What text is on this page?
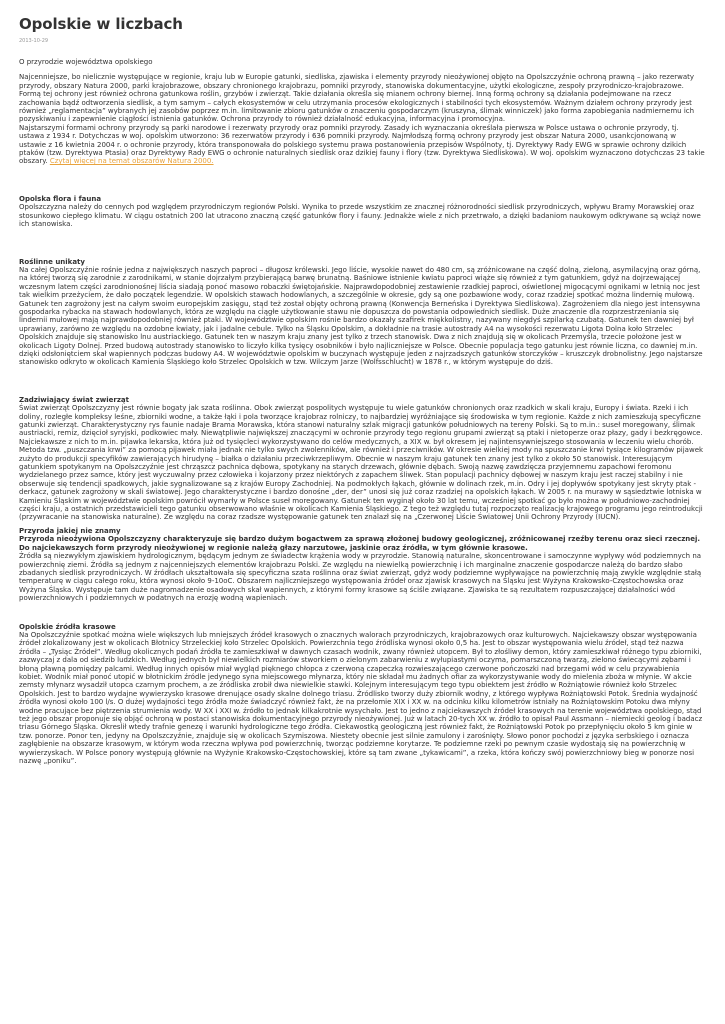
Opolskie w liczbach
2013-10-29

O przyrodzie województwa opolskiego

Najcenniejsze, bo nielicznie występujące w regionie, kraju lub w Europie gatunki, siedliska, zjawiska i elementy przyrody nieożywionej objęto na Opolszczyźnie ochroną prawną – jako rezerwaty przyrody, obszary Natura 2000, parki krajobrazowe, obszary chronionego krajobrazu, pomniki przyrody, stanowiska dokumentacyjne, użytki ekologiczne, zespoły przyrodniczo-krajobrazowe. Formą tej ochrony jest również ochrona gatunkowa roślin, grzybów i zwierząt. Takie działania określa się mianem ochrony biernej. Inną formą ochrony są działania podejmowane na rzecz zachowania bądź odtworzenia siedlisk, a tym samym – całych ekosystemów w celu utrzymania procesów ekologicznych i stabilności tych ekosystemów. Ważnym działem ochrony przyrody jest również „reglamentacja” wybranych jej zasobów poprzez m.in. limitowanie zbioru gatunków o znaczeniu gospodarczym (kruszyna, ślimak winniczek) jako forma zapobiegania nadmiernemu ich pozyskiwaniu i zapewnienie ciągłości istnienia gatunków. Ochrona przyrody to również działalność edukacyjna, informacyjna i promocyjna.
Najstarszymi formami ochrony przyrody są parki narodowe i rezerwaty przyrody oraz pomniki przyrody. Zasady ich wyznaczania określała pierwsza w Polsce ustawa o ochronie przyrody, tj. ustawa z 1934 r. Dotychczas w woj. opolskim utworzono: 36 rezerwatów przyrody i 636 pomniki przyrody. Najmłodszą formą ochrony przyrody jest obszar Natura 2000, usankcjonowaną w ustawie z 16 kwietnia 2004 r. o ochronie przyrody, która transponowała do polskiego systemu prawa postanowienia przepisów Wspólnoty, tj. Dyrektywy Rady EWG w sprawie ochrony dzikich ptaków (tzw. Dyrektywa Ptasia) oraz Dyrektywy Rady EWG o ochronie naturalnych siedlisk oraz dzikiej fauny i flory (tzw. Dyrektywa Siedliskowa). W woj. opolskim wyznaczono dotychczas 23 takie obszary. Czytaj więcej na temat obszarów Natura 2000.

Opolska flora i fauna

Opolszczyzna należy do cennych pod względem przyrodniczym regionów Polski. Wynika to przede wszystkim ze znacznej różnorodności siedlisk przyrodniczych, wpływu Bramy Morawskiej oraz stosunkowo ciepłego klimatu. W ciągu ostatnich 200 lat utracono znaczną część gatunków flory i fauny. Jednakże wiele z nich przetrwało, a dzięki badaniom naukowym odkrywane są wciąż nowe ich stanowiska.

Roślinne unikaty

Na całej Opolszczyźnie rośnie jedna z największych naszych paproci – długosz królewski. Jego liście, wysokie nawet do 480 cm, są zróżnicowane na część dolną, zieloną, asymilacyjną oraz górną, na której tworzą się zarodnie z zarodnikami, w stanie dojrzałym przybierającą barwę brunatną. Baśniowe istnienie kwiatu paproci wiąże się również z tym gatunkiem, gdyż na dojrzewającej wczesnym latem części zarodnionośnej liścia siadają ponoć masowo robaczki świętojańskie. Najprawdopodobniej zestawienie rzadkiej paproci, oświetlonej migocącymi ognikami w letnią noc jest tak wielkim przeżyciem, że dało początek legendzie. W opolskich stawach hodowlanych, a szczególnie w okresie, gdy są one pozbawione wody, coraz rzadziej spotkać można lindernię mułową. Gatunek ten zagrożony jest na całym swoim europejskim zasięgu, stąd też został objęty ochroną prawną (Konwencja Berneńska i Dyrektywa Siedliskowa). Zagrożeniem dla niego jest intensywna gospodarka rybacka na stawach hodowlanych, która ze względu na ciągłe użytkowanie stawu nie dopuszcza do powstania odpowiednich siedlisk. Duże znaczenie dla rozprzestrzeniania się lindernii mułowej mają najprawdopodobniej również ptaki. W województwie opolskim rośnie bardzo okazały szafirek miękkolistny, nazywany niegdyś szpilarką czubatą. Gatunek ten dawniej był uprawiany, zarówno ze względu na ozdobne kwiaty, jak i jadalne cebule. Tylko na Śląsku Opolskim, a dokładnie na trasie autostrady A4 na wysokości rezerwatu Ligota Dolna koło Strzelec Opolskich znajduje się stanowisko lnu austriackiego. Gatunek ten w naszym kraju znany jest tylko z trzech stanowisk. Dwa z nich znajdują się w okolicach Przemyśla, trzecie położone jest w okolicach Ligoty Dolnej. Przed budową autostrady stanowisko to liczyło kilka tysięcy osobników i było najliczniejsze w Polsce. Obecnie populacja tego gatunku jest równie liczna, co dawniej m.in. dzięki odsłoniętciem skał wapiennych podczas budowy A4. W województwie opolskim w buczynach występuje jeden z najrzadszych gatunków storczyków – kruszczyk drobnolistny. Jego najstarsze stanowisko odkryto w okolicach Kamienia Śląskiego koło Strzelec Opolskich w tzw. Wilczym Jarze (Wolfsschlucht) w 1878 r., w którym występuje do dziś.

Zadziwiający świat zwierząt

Świat zwierząt Opolszczyzny jest równie bogaty jak szata roślinna. Obok zwierząt pospolitych występuje tu wiele gatunków chronionych oraz rzadkich w skali kraju, Europy i świata. Rzeki i ich doliny, rozległe kompleksy leśne, zbiorniki wodne, a także łąki i pola tworzące krajobraz rolniczy, to najbardziej wyróżniające się środowiska w tym regionie. Każde z nich zamieszkują specyficzne gatunki zwierząt. Charakterystyczny rys faunie nadaje Brama Morawska, która stanowi naturalny szlak migracji gatunków południowych na tereny Polski. Są to m.in.: suseł moregowany, ślimak austriacki, remiz, dzięcioł syryjski, podkowiec mały. Niewątpliwie największej znaczącymi w ochronie przyrody tego regionu grupami zwierząt są ptaki i nietoperze oraz płazy, gady i bezkręgowce. Najciekawsze z nich to m.in. pijawka lekarska, która już od tysięcleci wykorzystywano do celów medycznych, a XIX w. był okresem jej najintensywniejszego stosowania w leczeniu wielu chorób. Metoda tzw. „puszczania krwi” za pomocą pijawek miała jednak nie tylko swych zwolenników, ale również i przeciwników. W okresie wielkiej mody na spuszczanie krwi tysiące kilogramów pijawek zużyto do produkcji specyfików zawierających hirudynę – białka o działaniu przeciwkrzepliwym. Obecnie w naszym kraju gatunek ten znany jest tylko z około 50 stanowisk. Interesującym gatunkiem spotykanym na Opolszczyźnie jest chrząszcz pachnica dębowa, spotykany na starych drzewach, głównie dębach. Swoją nazwę zawdzięcza przyjemnemu zapachowi feromonu wydzielanego przez samce, który jest wyczuwalny przez człowieka i kojarzony przez niektórych z zapachem śliwek. Stan populacji pachnicy dębowej w naszym kraju jest raczej stabilny i nie obserwuje się tendencji spadkowych, jakie sygnalizowane są z krajów Europy Zachodniej. Na podmokłych łąkach, głównie w dolinach rzek, m.in. Odry i jej dopływów spotykany jest skryty ptak - derkacz, gatunek zagrożony w skali światowej. Jego charakterystyczne i bardzo donośne „der, der” unosi się już coraz rzadziej na opolskich łąkach. W 2005 r. na murawy w sąsiedztwie lotniska w Kamieniu Śląskim w województwie opolskim powrócił wymarły w Polsce suseł moregowany. Gatunek ten wyginął około 30 lat temu, wcześniej spotkać go było można w południowo-zachodniej części kraju, a ostatnich przedstawicieli tego gatunku obserwowano właśnie w okolicach Kamienia Śląskiego. Z tego też względu tutaj rozpoczęto realizację krajowego programu jego reintrodukcji (przywracanie na stanowiska naturalne). Ze względu na coraz rzadsze występowanie gatunek ten znalazł się na „Czerwonej Liście Światowej Unii Ochrony Przyrody (IUCN).

Przyroda jakiej nie znamy

Przyroda nieożywiona Opolszczyzny charakteryzuje się bardzo dużym bogactwem za sprawą złożonej budowy geologicznej, zróżnicowanej rzeźby terenu oraz sieci rzecznej. Do najciekawszych form przyrody nieożywionej w regionie należą głazy narzutowe, jaskinie oraz źródła, w tym głównie krasowe.

Źródła są niezwykłym zjawiskiem hydrologicznym, będącym jednym ze świadectw krążenia wody w przyrodzie. Stanowią naturalne, skoncentrowane i samoczynne wypływy wód podziemnych na powierzchnię ziemi. Źródła są jednym z najcenniejszych elementów krajobrazu Polski. Ze względu na niewielką powierzchnię i ich marginalne znaczenie gospodarcze należą do bardzo słabo zbadanych siedlisk przyrodniczych. W źródłach ukształtowała się specyficzna szata roślinna oraz świat zwierząt, gdyż wody podziemne wypływające na powierzchnię mają zwykle względnie stałą temperaturę w ciągu całego roku, która wynosi około 9-10oC. Obszarem najliczniejszego występowania źródeł oraz zjawisk krasowych na Śląsku jest Wyżyna Krakowsko-Częstochowska oraz Wyżyna Śląska. Występuje tam duże nagromadzenie osadowych skał wapiennych, z którymi formy krasowe są ściśle związane. Zjawiska te są rezultatem rozpuszczającej działalności wód powierzchniowych i podziemnych w podatnych na erozję wodną wapieniach.

Opolskie źródła krasowe

Na Opolszczyźnie spotkać można wiele większych lub mniejszych źródeł krasowych o znacznych walorach przyrodniczych, krajobrazowych oraz kulturowych. Najciekawszy obszar występowania źródeł zlokalizowany jest w okolicach Błotnicy Strzeleckiej koło Strzelec Opolskich. Powierzchnia tego źródliska wynosi około 0,5 ha. Jest to obszar występowania wielu źródeł, stąd też nazwa źródła – „Tysiąc Źródeł”. Według okolicznych podań źródła te zamieszkiwał w dawnych czasach wodnik, zwany również utopcem. Był to złośliwy demon, który zamieszkiwał różnego typu zbiorniki, zazwyczaj z dala od siedzib ludzkich. Według jednych był niewielkich rozmiarów stworkiem o zielonym zabarwieniu z wyłupiastymi oczyma, pomarszczoną twarzą, zielono świecącymi zębami i błoną pławną pomiędzy palcami. Według innych opisów miał wygląd pięknego chłopca z czerwoną czapeczką rozwieszającego czerwone pończoszki nad brzegami wód w celu przywabienia kobiet. Wodnik miał ponoć utopić w błotnickim źródle jedynego syna miejscowego młynarza, który nie składał mu żadnych ofiar za wykorzystywanie wody do mielenia zboża w młynie. W akcie zemsty młynarz wysadził utopca czarnym prochem, a ze źródliska zrobił dwa niewielkie stawki. Kolejnym interesującym tego typu obiektem jest źródło w Rożniątowie również koło Strzelec Opolskich. Jest to bardzo wydajne wywierzysko krasowe drenujące osady skalne dolnego triasu. Źródlisko tworzy duży zbiornik wodny, z którego wypływa Rożniątowski Potok. Średnia wydajność źródła wynosi około 100 l/s. O dużej wydajności tego źródła może świadczyć również fakt, że na przełomie XIX i XX w. na odcinku kilku kilometrów istniały na Rożniątowskim Potoku dwa młyny wodne pracujące bez piętrzenia strumienia wody. W XX i XXI w. źródło to jednak kilkakrotnie wysychało. Jest to jedno z najciekawszych źródeł krasowych na terenie województwa opolskiego, stąd też jego obszar proponuje się objąć ochroną w postaci stanowiska dokumentacyjnego przyrody nieożywionej. Już w latach 20-tych XX w. źródło to opisał Paul Assmann – niemiecki geolog i badacz triasu Górnego Śląska. Okreslił wtedy trafnie genezę i warunki hydrologiczne tego źródła. Ciekawostką geologiczną jest również fakt, że Rożniątowski Potok po przepłynięciu około 5 km ginie w tzw. ponorze. Ponor ten, jedyny na Opolszczyźnie, znajduje się w okolicach Szymiszowa. Niestety obecnie jest silnie zamulony i zarośnięty. Słowo ponor pochodzi z języka serbskiego i oznacza zagłębienie na obszarze krasowym, w którym woda rzeczna wpływa pod powierzchnię, tworząc podziemne korytarze. Te podziemne rzeki po pewnym czasie wydostają się na powierzchnię w wywierzyskach. W Polsce ponory występują głównie na Wyżynie Krakowsko-Częstochowskiej, które są tam zwane „tykawicami”, a rzeka, która kończy swój powierzchniowy bieg w ponorze nosi nazwę „poniku”.
